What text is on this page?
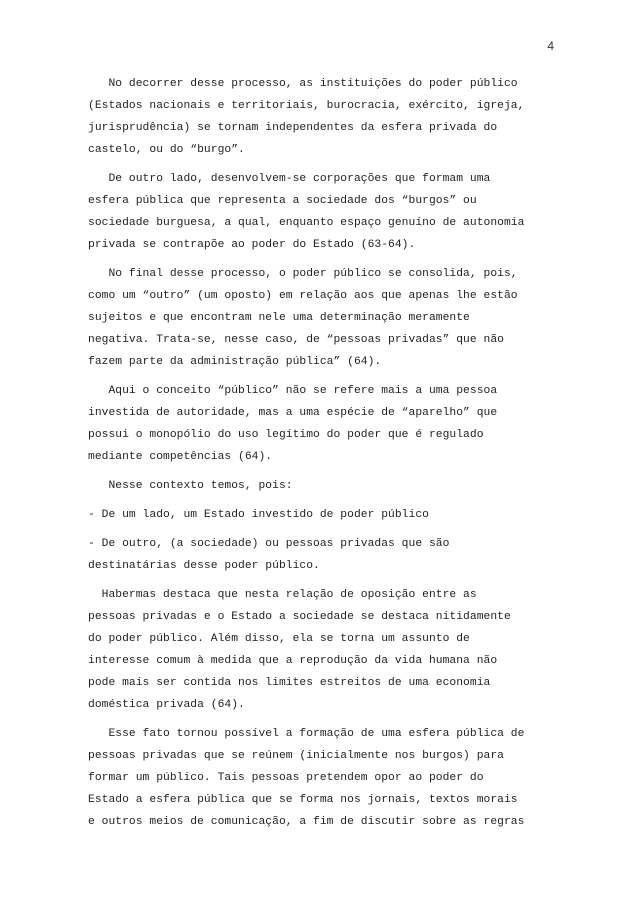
4

No decorrer desse processo, as instituições do poder público
(Estados nacionais e territoriais, burocracia, exército, igreja,
jurisprudência) se tornam independentes da esfera privada do
castelo, ou do “burgo”.

De outro lado, desenvolvem-se corporações que formam uma
esfera pública que representa a sociedade dos “burgos” ou
sociedade burguesa, a qual, enquanto espaço genuíno de autonomia
privada se contrapõe ao poder do Estado (63-64).

No final desse processo, o poder público se consolida, pois,
como um “outro” (um oposto) em relação aos que apenas lhe estão
sujeitos e que encontram nele uma determinação meramente
negativa. Trata-se, nesse caso, de “pessoas privadas” que não
fazem parte da administração pública” (64).

Aqui o conceito “público” não se refere mais a uma pessoa
investida de autoridade, mas a uma espécie de “aparelho” que
possui o monopólio do uso legítimo do poder que é regulado
mediante competências (64).

Nesse contexto temos, pois:

- De um lado, um Estado investido de poder público

- De outro, (a sociedade) ou pessoas privadas que são
destinatárias desse poder público.

Habermas destaca que nesta relação de oposição entre as
pessoas privadas e o Estado a sociedade se destaca nitidamente
do poder público. Além disso, ela se torna um assunto de
interesse comum à medida que a reprodução da vida humana não
pode mais ser contida nos limites estreitos de uma economia
doméstica privada (64).

Esse fato tornou possível a formação de uma esfera pública de
pessoas privadas que se reúnem (inicialmente nos burgos) para
formar um público. Tais pessoas pretendem opor ao poder do
Estado a esfera pública que se forma nos jornais, textos morais
e outros meios de comunicação, a fim de discutir sobre as regras
